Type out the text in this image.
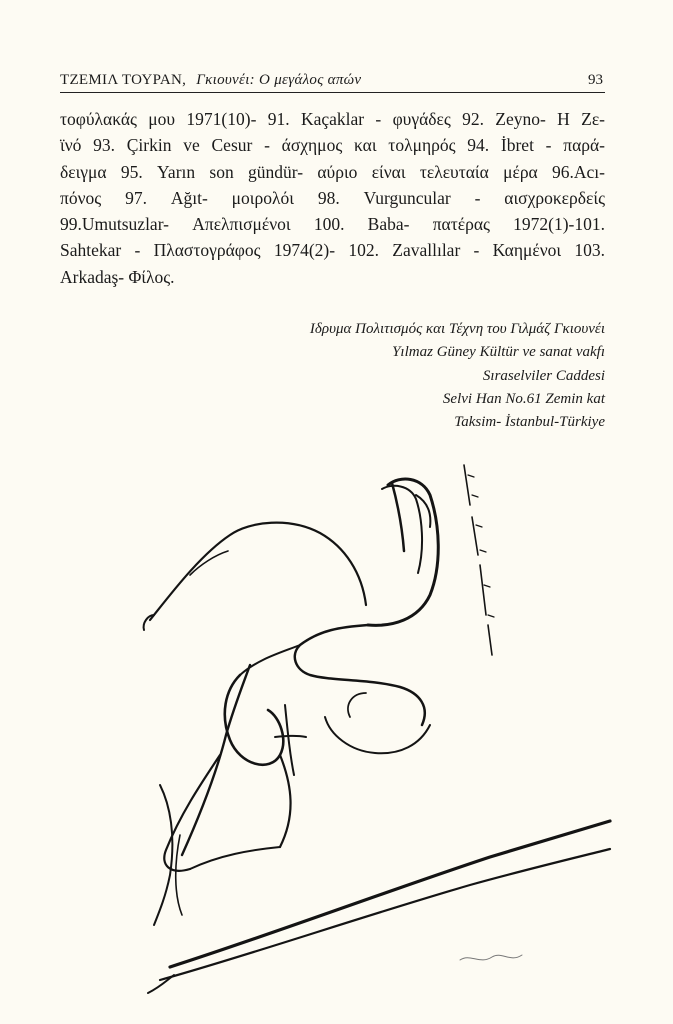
ΤΖΕΜΙΛ ΤΟΥΡΑΝ, Γκιουνέι: Ο μεγάλος απών	93
τοφύλακάς μου 1971(10)- 91. Kaçaklar - φυγάδες 92. Zeyno- Η Ζε-
ϊνό 93. Çirkin ve Cesur - άσχημος και τολμηρός 94. İbret - παρά-
δειγμα 95. Yarın son gündür- αύριο είναι τελευταία μέρα 96.Acı-
πόνος 97. Ağıt- μοιρολόι 98. Vurguncular - αισχροκερδείς
99.Umutsuzlar- Απελπισμένοι 100. Baba- πατέρας 1972(1)-101.
Sahtekar - Πλαστογράφος 1974(2)- 102. Zavallılar - Καημένοι 103.
Arkadaş- Φίλος.
Ιδρυμα Πολιτισμός και Τέχνη του Γιλμάζ Γκιουνέι
Yılmaz Güney Kültür ve sanat vakfı
Sıraselviler Caddesi
Selvi Han No.61 Zemin kat
Taksim- İstanbul-Türkiye
